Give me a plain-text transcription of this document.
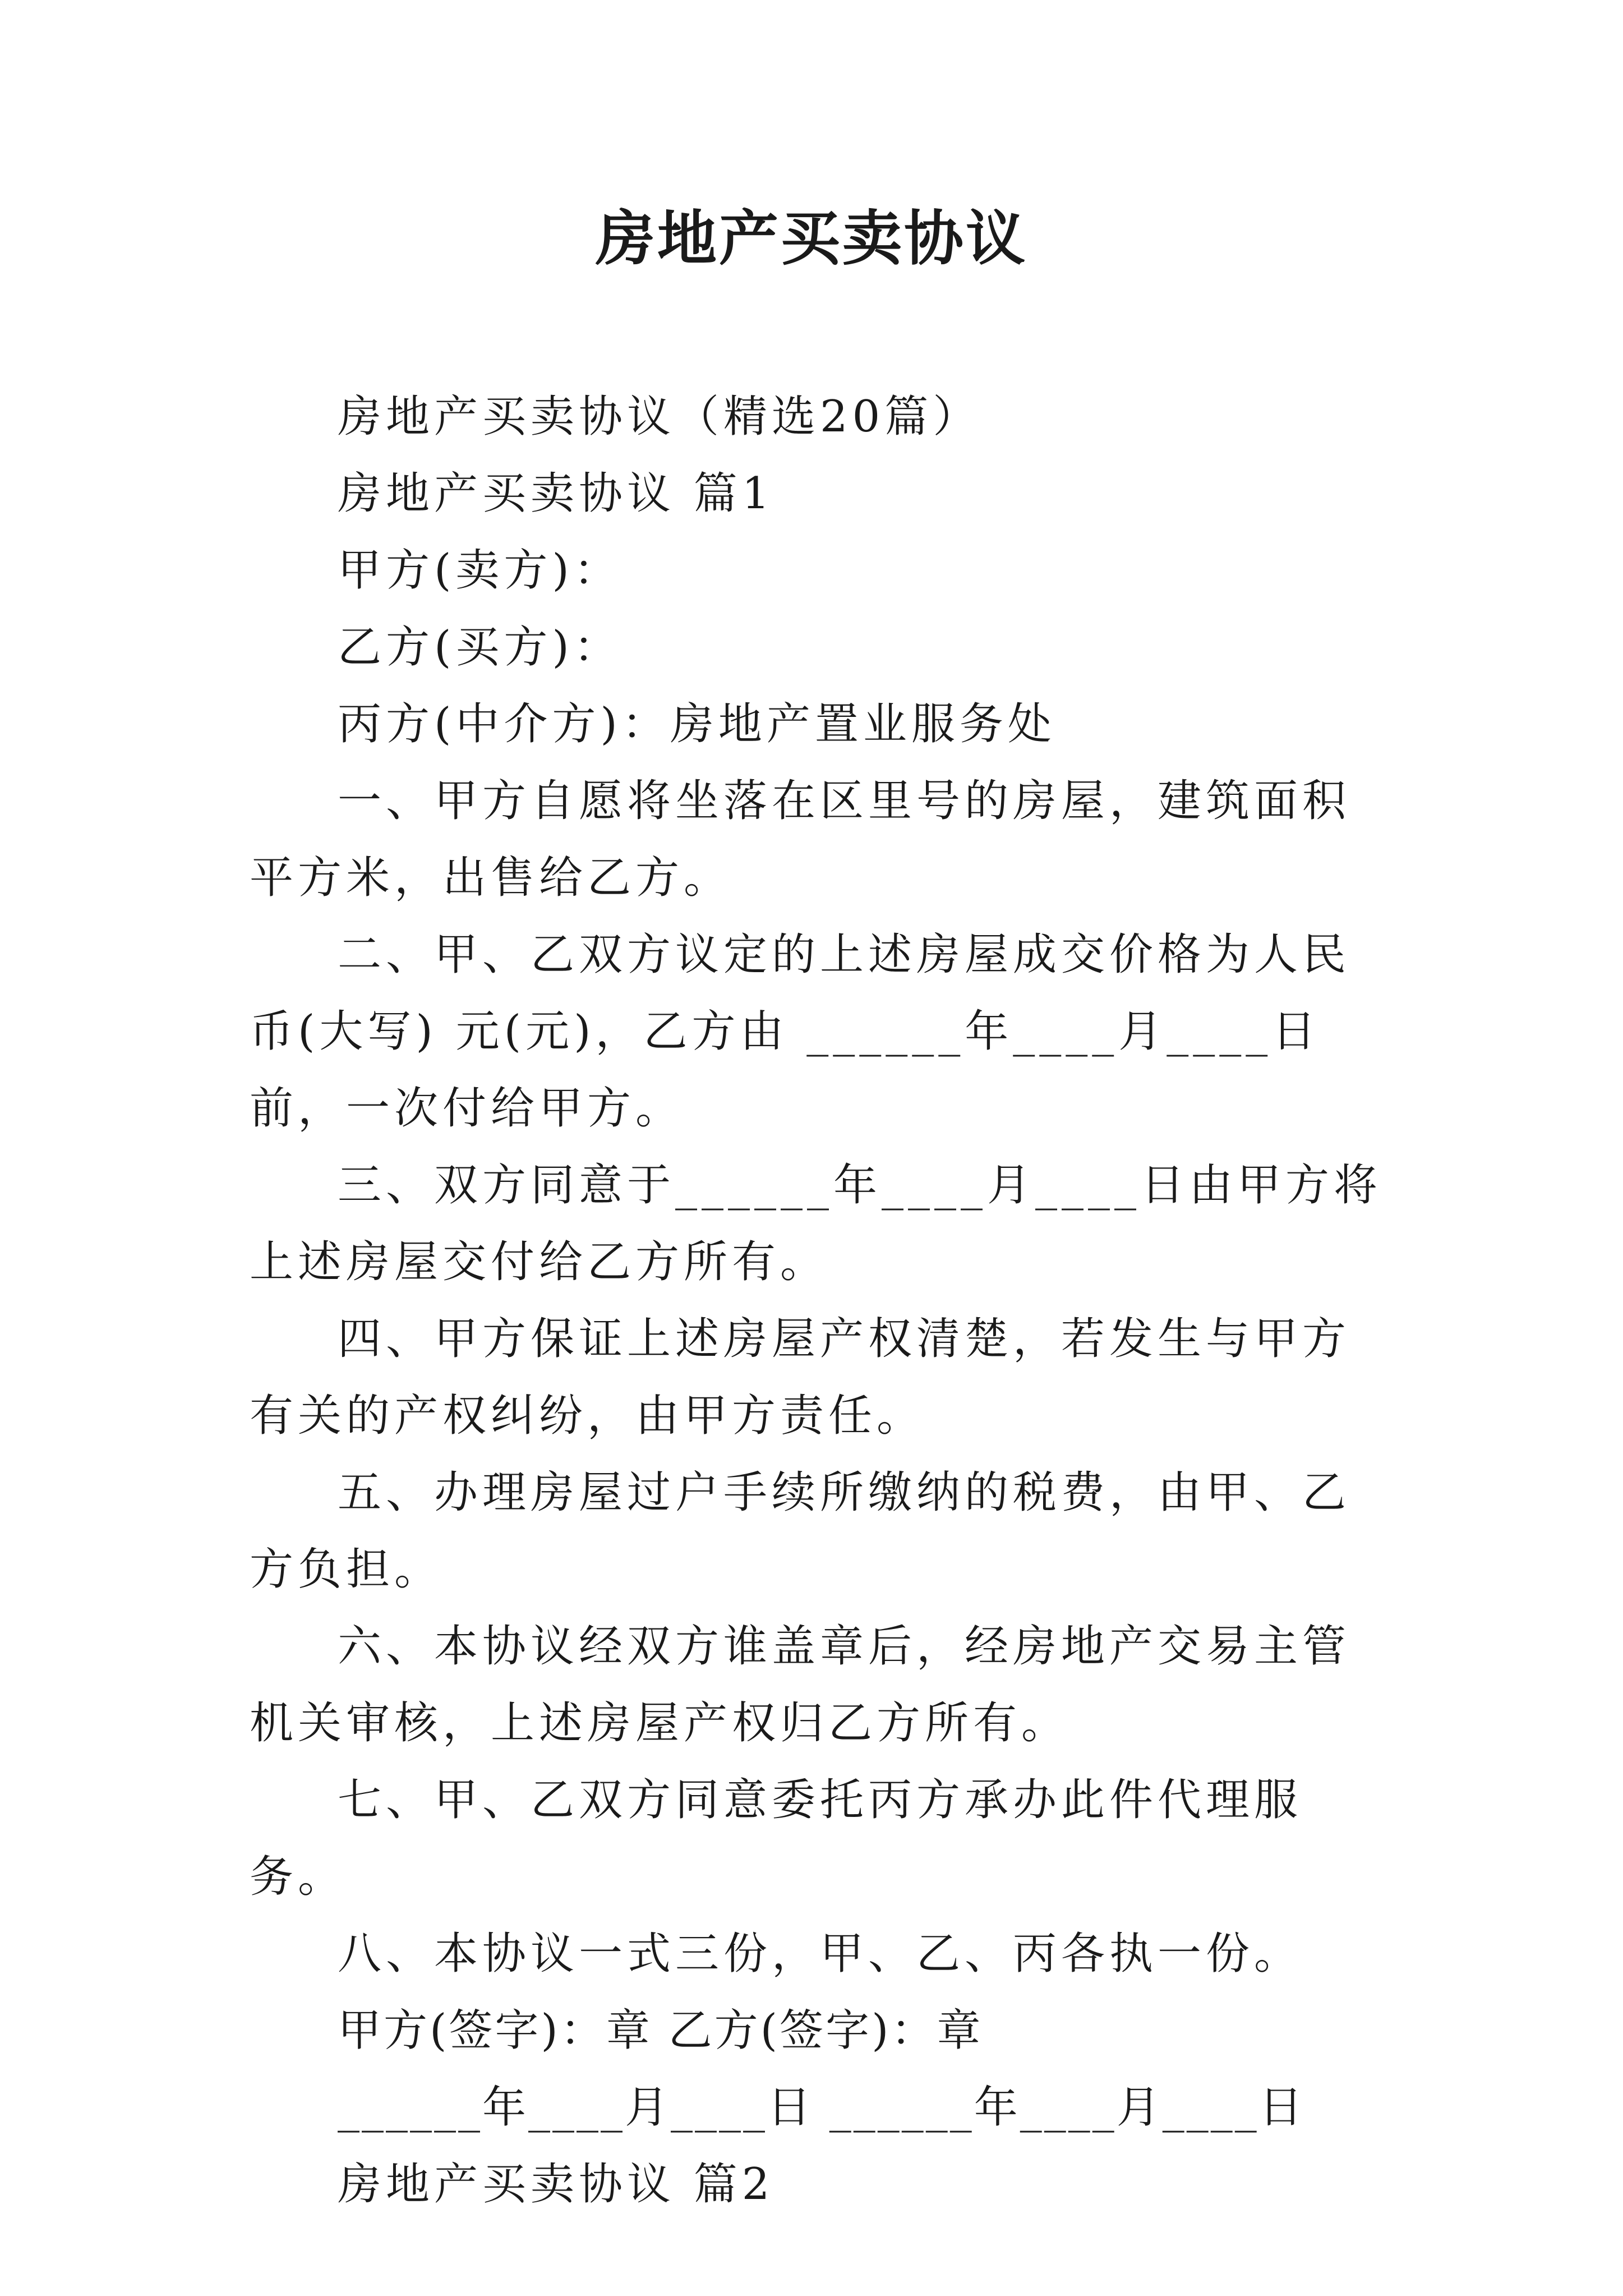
房地产买卖协议

房地产买卖协议（精选20篇）

房地产买卖协议 篇1

甲方(卖方)：

乙方(买方)：

丙方(中介方)：房地产置业服务处

一、甲方自愿将坐落在区里号的房屋，建筑面积平方米，出售给乙方。

二、甲、乙双方议定的上述房屋成交价格为人民币(大写) 元(元)，乙方由 ______年____月____日前，一次付给甲方。

三、双方同意于______年____月____日由甲方将上述房屋交付给乙方所有。

四、甲方保证上述房屋产权清楚，若发生与甲方有关的产权纠纷，由甲方责任。

五、办理房屋过户手续所缴纳的税费，由甲、乙方负担。

六、本协议经双方谁盖章后，经房地产交易主管机关审核，上述房屋产权归乙方所有。

七、甲、乙双方同意委托丙方承办此件代理服务。

八、本协议一式三份，甲、乙、丙各执一份。

甲方(签字)：章 乙方(签字)：章

______年____月____日 ______年____月____日

房地产买卖协议 篇2
